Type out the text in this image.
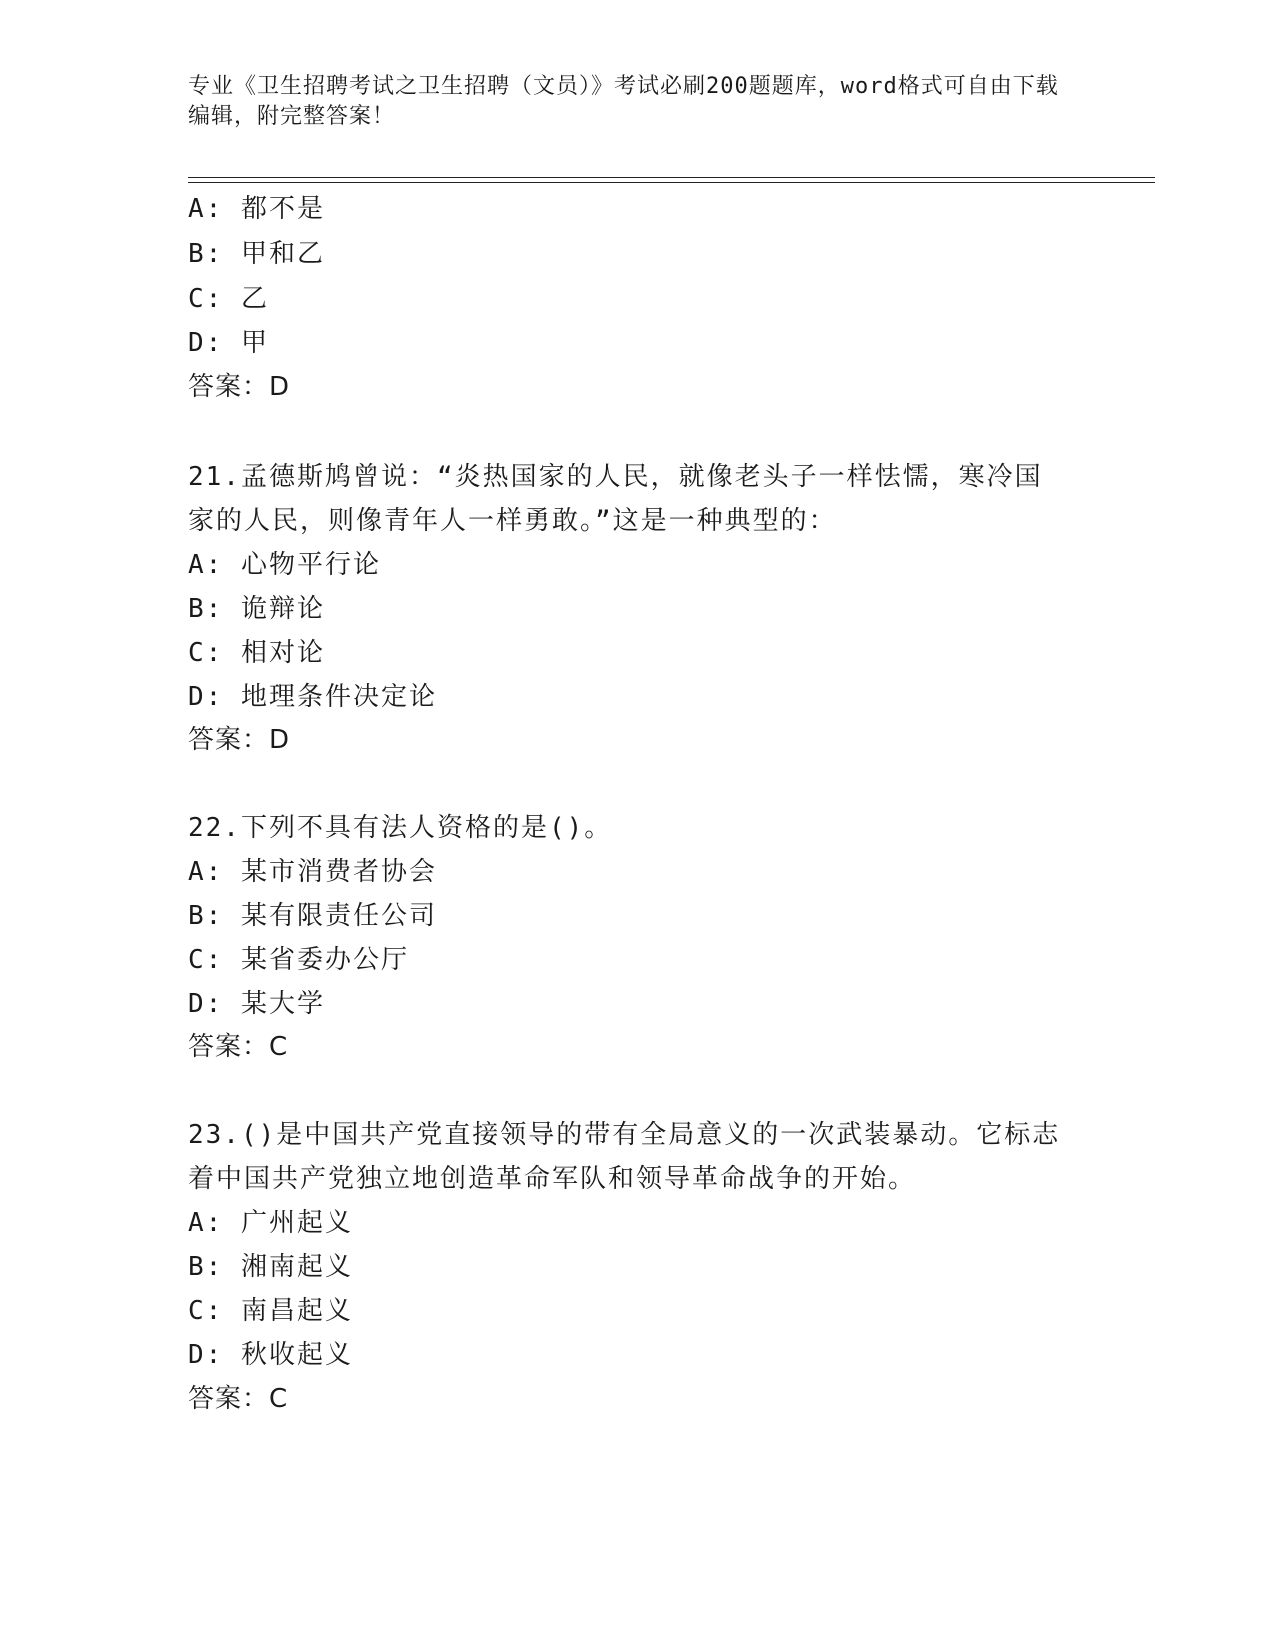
专业《卫生招聘考试之卫生招聘（文员）》考试必刷200题题库，word格式可自由下载编辑，附完整答案！
A: 都不是
B: 甲和乙
C: 乙
D: 甲
答案：D
21.孟德斯鸠曾说：“炎热国家的人民，就像老头子一样怯懦，寒冷国
家的人民，则像青年人一样勇敢。”这是一种典型的：
A: 心物平行论
B: 诡辩论
C: 相对论
D: 地理条件决定论
答案：D
22.下列不具有法人资格的是()。
A: 某市消费者协会
B: 某有限责任公司
C: 某省委办公厅
D: 某大学
答案：C
23.()是中国共产党直接领导的带有全局意义的一次武装暴动。它标志
着中国共产党独立地创造革命军队和领导革命战争的开始。
A: 广州起义
B: 湘南起义
C: 南昌起义
D: 秋收起义
答案：C
